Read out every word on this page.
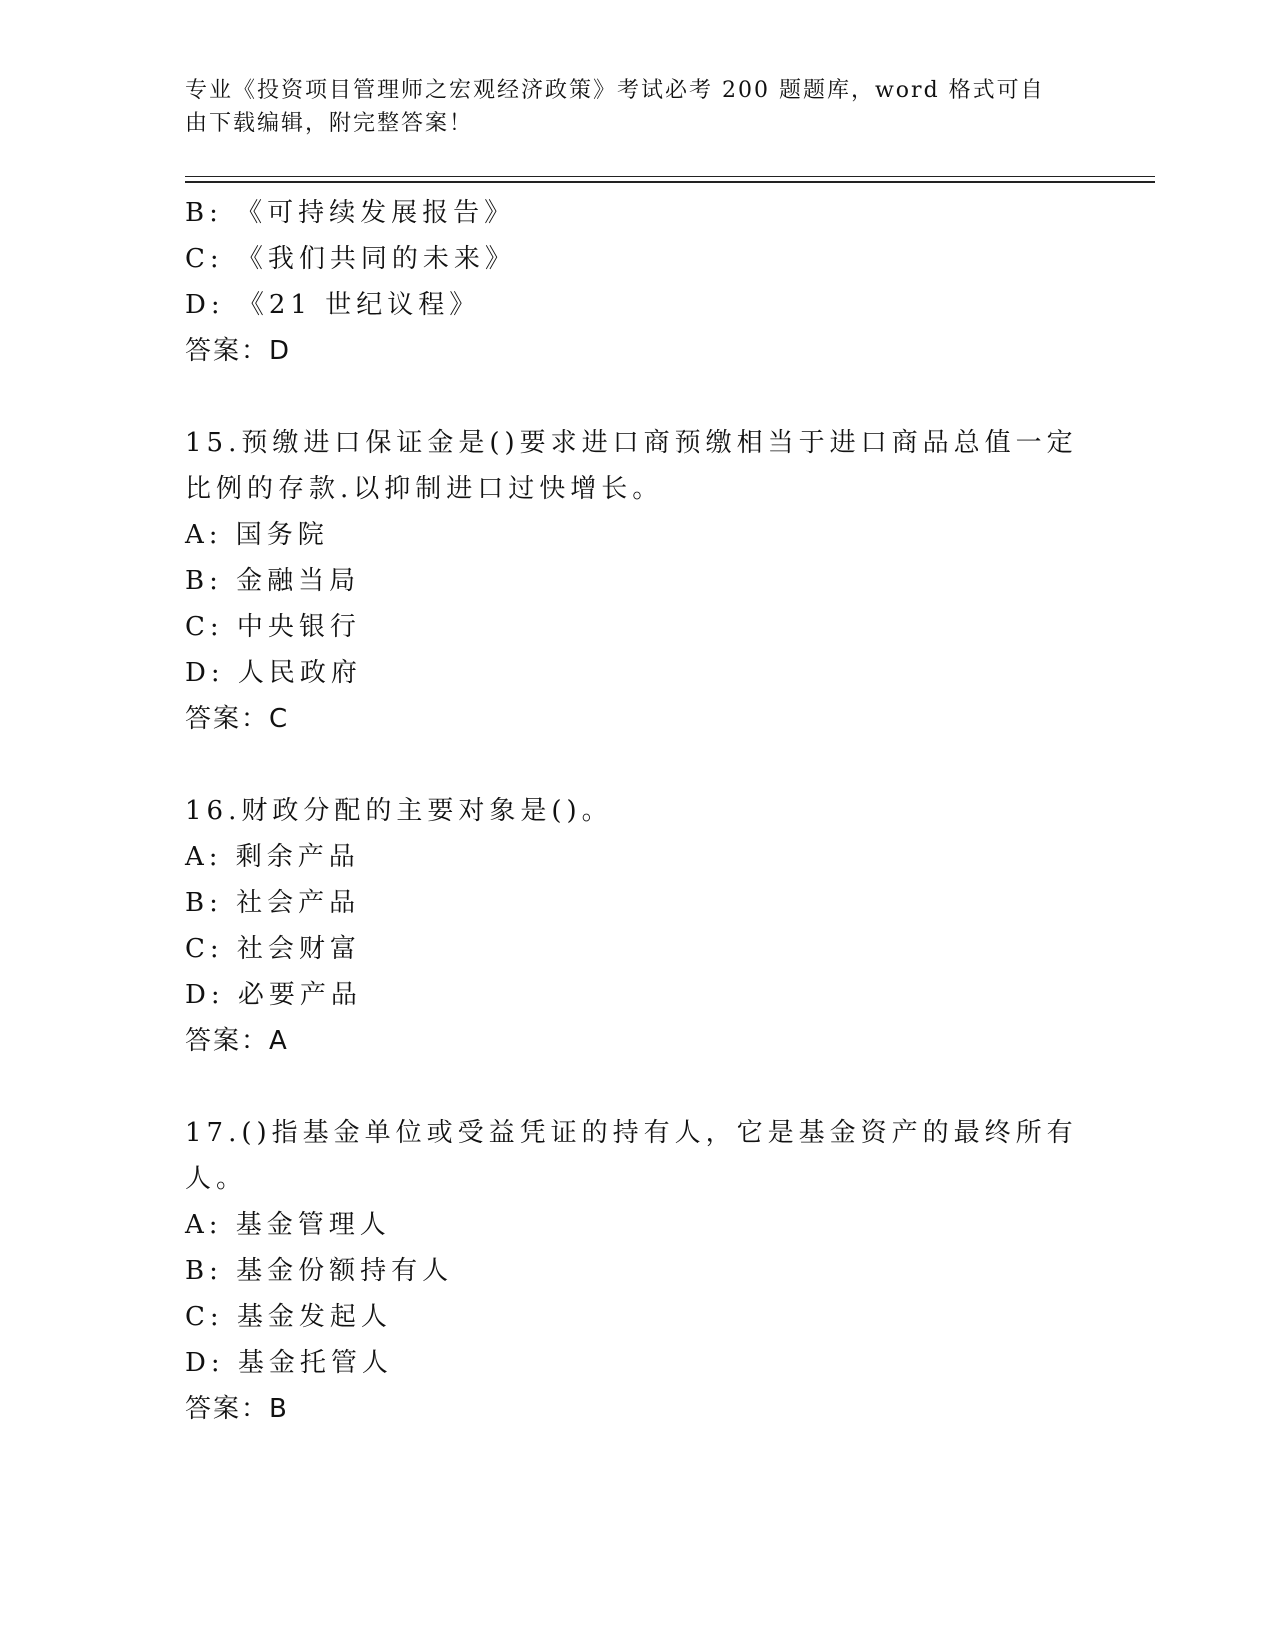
专业《投资项目管理师之宏观经济政策》考试必考 200 题题库，word 格式可自由下载编辑，附完整答案！
B: 《可持续发展报告》
C: 《我们共同的未来》
D: 《21 世纪议程》
答案：D
15.预缴进口保证金是()要求进口商预缴相当于进口商品总值一定比例的存款.以抑制进口过快增长。
A: 国务院
B: 金融当局
C: 中央银行
D: 人民政府
答案：C
16.财政分配的主要对象是()。
A: 剩余产品
B: 社会产品
C: 社会财富
D: 必要产品
答案：A
17.()指基金单位或受益凭证的持有人，它是基金资产的最终所有人。
A: 基金管理人
B: 基金份额持有人
C: 基金发起人
D: 基金托管人
答案：B
